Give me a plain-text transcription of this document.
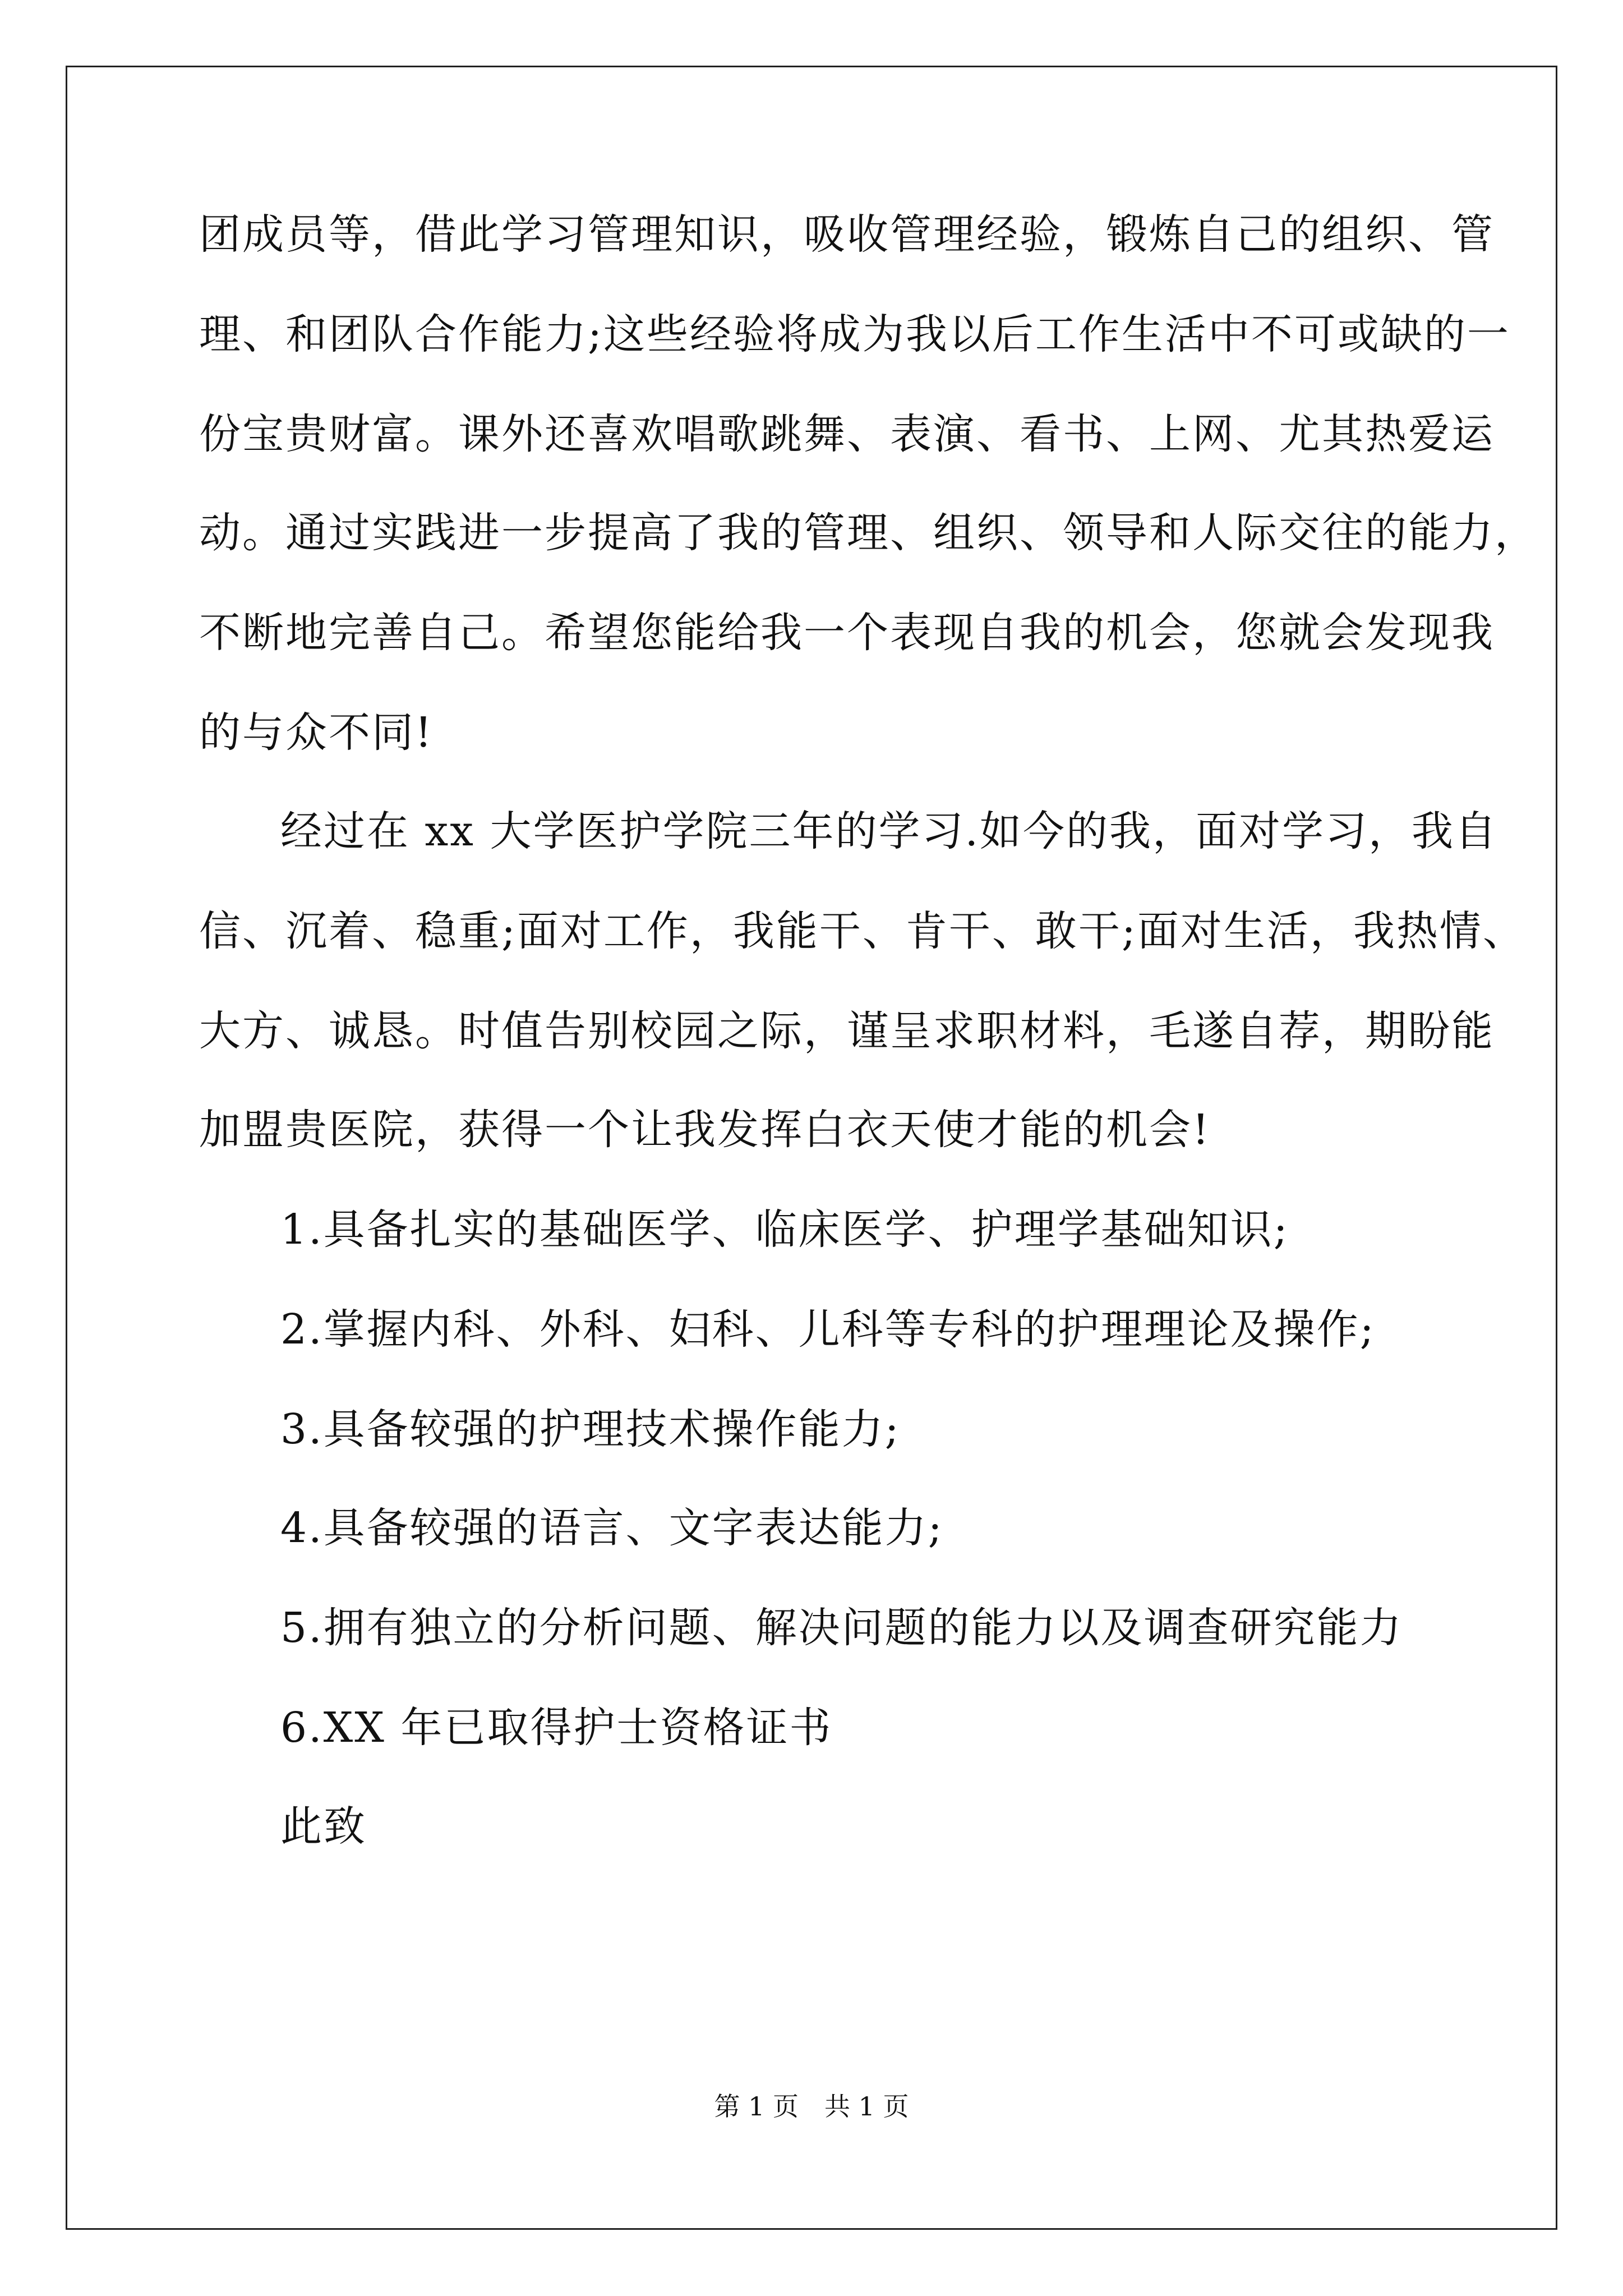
团成员等，借此学习管理知识，吸收管理经验，锻炼自己的组织、管

理、和团队合作能力;这些经验将成为我以后工作生活中不可或缺的一

份宝贵财富。课外还喜欢唱歌跳舞、表演、看书、上网、尤其热爱运

动。通过实践进一步提高了我的管理、组织、领导和人际交往的能力，

不断地完善自己。希望您能给我一个表现自我的机会，您就会发现我

的与众不同!

经过在 xx 大学医护学院三年的学习.如今的我，面对学习，我自

信、沉着、稳重;面对工作，我能干、肯干、敢干;面对生活，我热情、

大方、诚恳。时值告别校园之际，谨呈求职材料，毛遂自荐，期盼能

加盟贵医院，获得一个让我发挥白衣天使才能的机会!

1.具备扎实的基础医学、临床医学、护理学基础知识;

2.掌握内科、外科、妇科、儿科等专科的护理理论及操作;

3.具备较强的护理技术操作能力;

4.具备较强的语言、文字表达能力;

5.拥有独立的分析问题、解决问题的能力以及调查研究能力

6.XX 年已取得护士资格证书

此致

第 1 页　共 1 页
